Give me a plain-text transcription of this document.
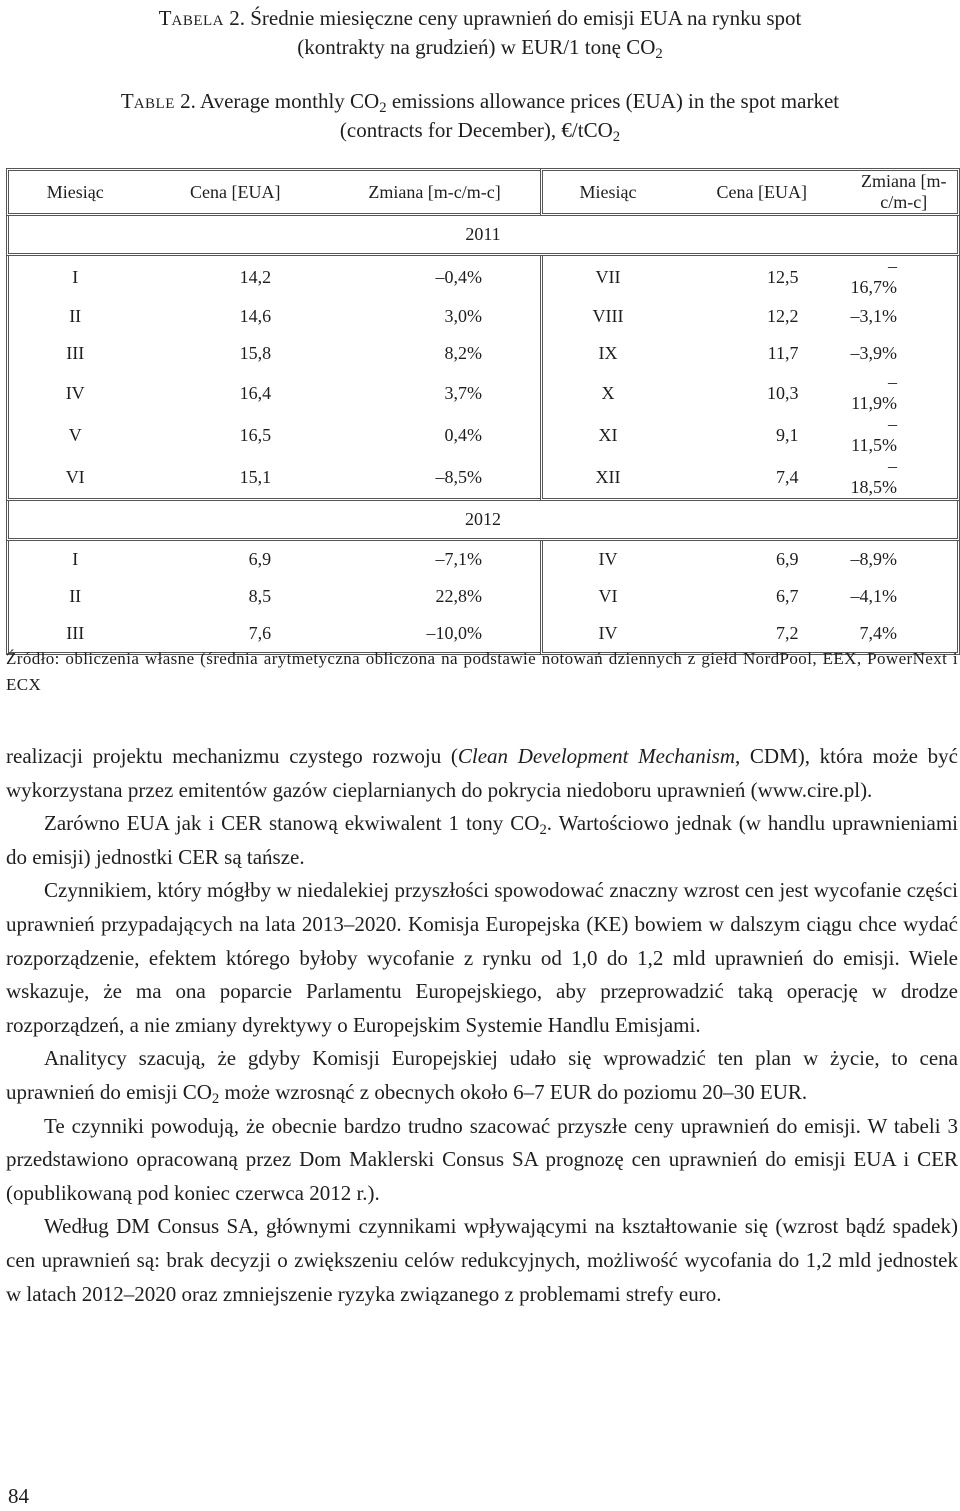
TABELA 2. Średnie miesięczne ceny uprawnień do emisji EUA na rynku spot
(kontrakty na grudzień) w EUR/1 tonę $CO_2$
TABLE 2. Average monthly $CO_2$ emissions allowance prices (EUA) in the spot market
(contracts for December), €/tCO$_2$
Miesiąc	Cena [EUA]	Zmiana [m-c/m-c]	Miesiąc	Cena [EUA]	Zmiana [m-c/m-c]
2011					
I	14,2	–0,4%	VII	12,5	–16,7%
II	14,6	3,0%	VIII	12,2	–3,1%
III	15,8	8,2%	IX	11,7	–3,9%
IV	16,4	3,7%	X	10,3	–11,9%
V	16,5	0,4%	XI	9,1	–11,5%
VI	15,1	–8,5%	XII	7,4	–18,5%
2012					
I	6,9	–7,1%	IV	6,9	–8,9%
II	8,5	22,8%	VI	6,7	–4,1%
III	7,6	–10,0%	IV	7,2	7,4%
Źródło: obliczenia własne (średnia arytmetyczna obliczona na podstawie notowań dziennych z giełd NordPool, EEX, PowerNext i ECX

realizacji projektu mechanizmu czystego rozwoju (Clean Development Mechanism, CDM), która może być wykorzystana przez emitentów gazów cieplarnianych do pokrycia niedoboru uprawnień (www.cire.pl).

Zarówno EUA jak i CER stanową ekwiwalent 1 tony $CO_2$. Wartościowo jednak (w handlu uprawnieniami do emisji) jednostki CER są tańsze.

Czynnikiem, który mógłby w niedalekiej przyszłości spowodować znaczny wzrost cen jest wycofanie części uprawnień przypadających na lata 2013–2020. Komisja Europejska (KE) bowiem w dalszym ciągu chce wydać rozporządzenie, efektem którego byłoby wycofanie z rynku od 1,0 do 1,2 mld uprawnień do emisji. Wiele wskazuje, że ma ona poparcie Parlamentu Europejskiego, aby przeprowadzić taką operację w drodze rozporządzeń, a nie zmiany dyrektywy o Europejskim Systemie Handlu Emisjami.

Analitycy szacują, że gdyby Komisji Europejskiej udało się wprowadzić ten plan w życie, to cena uprawnień do emisji $CO_2$ może wzrosnąć z obecnych około 6–7 EUR do poziomu 20–30 EUR.

Te czynniki powodują, że obecnie bardzo trudno szacować przyszłe ceny uprawnień do emisji. W tabeli 3 przedstawiono opracowaną przez Dom Maklerski Consus SA prognozę cen uprawnień do emisji EUA i CER (opublikowaną pod koniec czerwca 2012 r.).

Według DM Consus SA, głównymi czynnikami wpływającymi na kształtowanie się (wzrost bądź spadek) cen uprawnień są: brak decyzji o zwiększeniu celów redukcyjnych, możliwość wycofania do 1,2 mld jednostek w latach 2012–2020 oraz zmniejszenie ryzyka związanego z problemami strefy euro.

84
